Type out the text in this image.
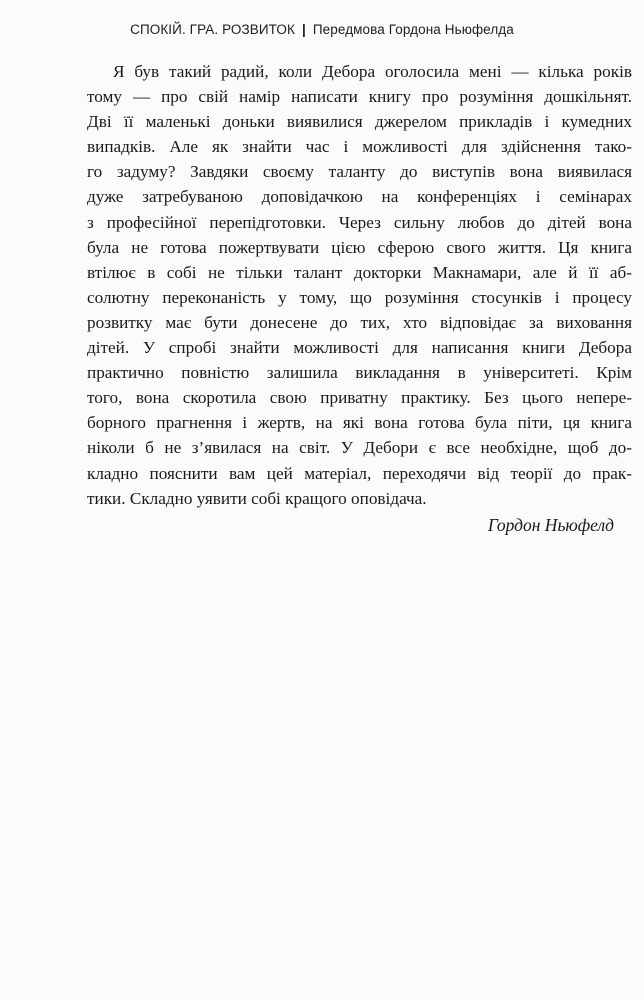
СПОКІЙ. ГРА. РОЗВИТОК | Передмова Гордона Ньюфелда
Я був такий радий, коли Дебора оголосила мені — кілька років
тому — про свій намір написати книгу про розуміння дошкільнят.
Дві її маленькі доньки виявилися джерелом прикладів і кумедних
випадків. Але як знайти час і можливості для здійснення тако-
го задуму? Завдяки своєму таланту до виступів вона виявилася
дуже затребуваною доповідачкою на конференціях і семінарах
з професійної перепідготовки. Через сильну любов до дітей вона
була не готова пожертвувати цією сферою свого життя. Ця книга
втілює в собі не тільки талант докторки Макнамари, але й її аб-
солютну переконаність у тому, що розуміння стосунків і процесу
розвитку має бути донесене до тих, хто відповідає за виховання
дітей. У спробі знайти можливості для написання книги Дебора
практично повністю залишила викладання в університеті. Крім
того, вона скоротила свою приватну практику. Без цього непере-
борного прагнення і жертв, на які вона готова була піти, ця книга
ніколи б не з’явилася на світ. У Дебори є все необхідне, щоб до-
кладно пояснити вам цей матеріал, переходячи від теорії до прак-
тики. Складно уявити собі кращого оповідача.
Гордон Ньюфелд
